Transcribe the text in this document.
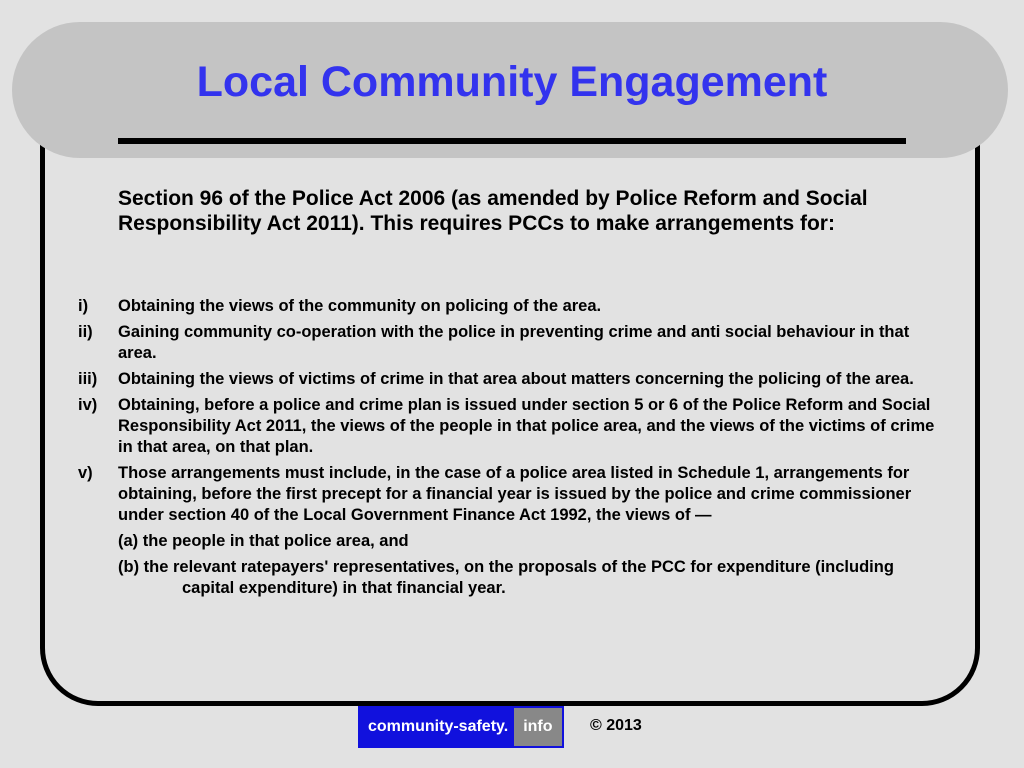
Local Community Engagement

Section 96 of the Police Act 2006 (as amended by Police Reform and Social Responsibility Act 2011). This requires PCCs to make arrangements for:

i)	Obtaining the views of the community on policing of the area.
ii)	Gaining community co-operation with the police in preventing crime and anti social behaviour in that area.
iii)	Obtaining the views of victims of crime in that area about matters concerning the policing of the area.
iv)	Obtaining, before a police and crime plan is issued under section 5 or 6 of the Police Reform and Social Responsibility Act 2011, the views of the people in that police area, and the views of the victims of crime in that area, on that plan.
v)	Those arrangements must include, in the case of a police area listed in Schedule 1, arrangements for obtaining, before the first precept for a financial year is issued by the police and crime commissioner under section 40 of the Local Government Finance Act 1992, the views of —

(a) the people in that police area, and

(b) the relevant ratepayers' representatives, on the proposals of the PCC for expenditure (including capital expenditure) in that financial year.

community-safety. info	© 2013
